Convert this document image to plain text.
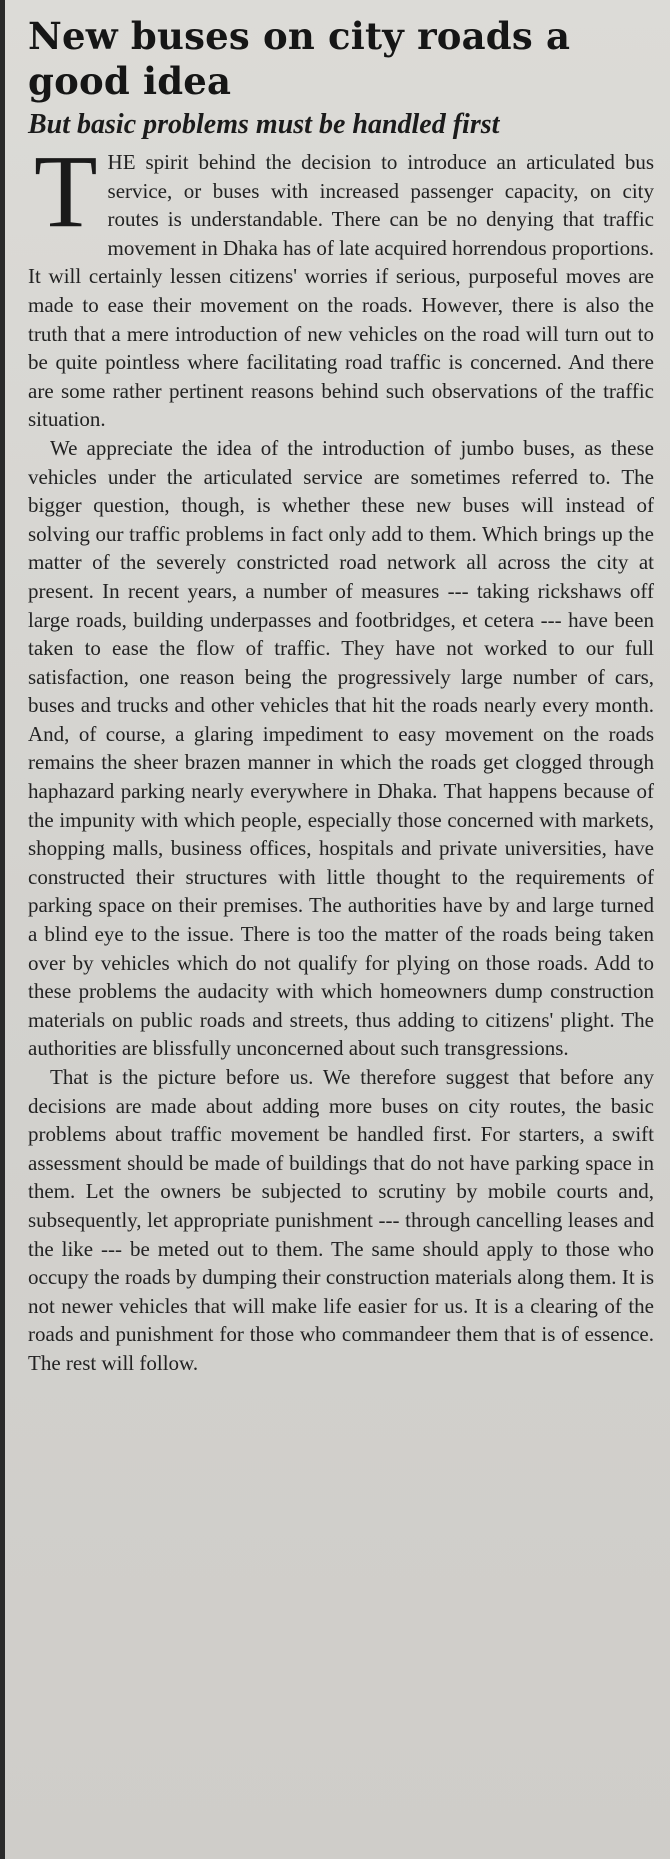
New buses on city roads a good idea
But basic problems must be handled first

THE spirit behind the decision to introduce an articulated bus service, or buses with increased passenger capacity, on city routes is understandable. There can be no denying that traffic movement in Dhaka has of late acquired horrendous proportions. It will certainly lessen citizens' worries if serious, purposeful moves are made to ease their movement on the roads. However, there is also the truth that a mere introduction of new vehicles on the road will turn out to be quite pointless where facilitating road traffic is concerned. And there are some rather pertinent reasons behind such observations of the traffic situation.

We appreciate the idea of the introduction of jumbo buses, as these vehicles under the articulated service are sometimes referred to. The bigger question, though, is whether these new buses will instead of solving our traffic problems in fact only add to them. Which brings up the matter of the severely constricted road network all across the city at present. In recent years, a number of measures --- taking rickshaws off large roads, building underpasses and footbridges, et cetera --- have been taken to ease the flow of traffic. They have not worked to our full satisfaction, one reason being the progressively large number of cars, buses and trucks and other vehicles that hit the roads nearly every month. And, of course, a glaring impediment to easy movement on the roads remains the sheer brazen manner in which the roads get clogged through haphazard parking nearly everywhere in Dhaka. That happens because of the impunity with which people, especially those concerned with markets, shopping malls, business offices, hospitals and private universities, have constructed their structures with little thought to the requirements of parking space on their premises. The authorities have by and large turned a blind eye to the issue. There is too the matter of the roads being taken over by vehicles which do not qualify for plying on those roads. Add to these problems the audacity with which homeowners dump construction materials on public roads and streets, thus adding to citizens' plight. The authorities are blissfully unconcerned about such transgressions.

That is the picture before us. We therefore suggest that before any decisions are made about adding more buses on city routes, the basic problems about traffic movement be handled first. For starters, a swift assessment should be made of buildings that do not have parking space in them. Let the owners be subjected to scrutiny by mobile courts and, subsequently, let appropriate punishment --- through cancelling leases and the like --- be meted out to them. The same should apply to those who occupy the roads by dumping their construction materials along them. It is not newer vehicles that will make life easier for us. It is a clearing of the roads and punishment for those who commandeer them that is of essence. The rest will follow.
